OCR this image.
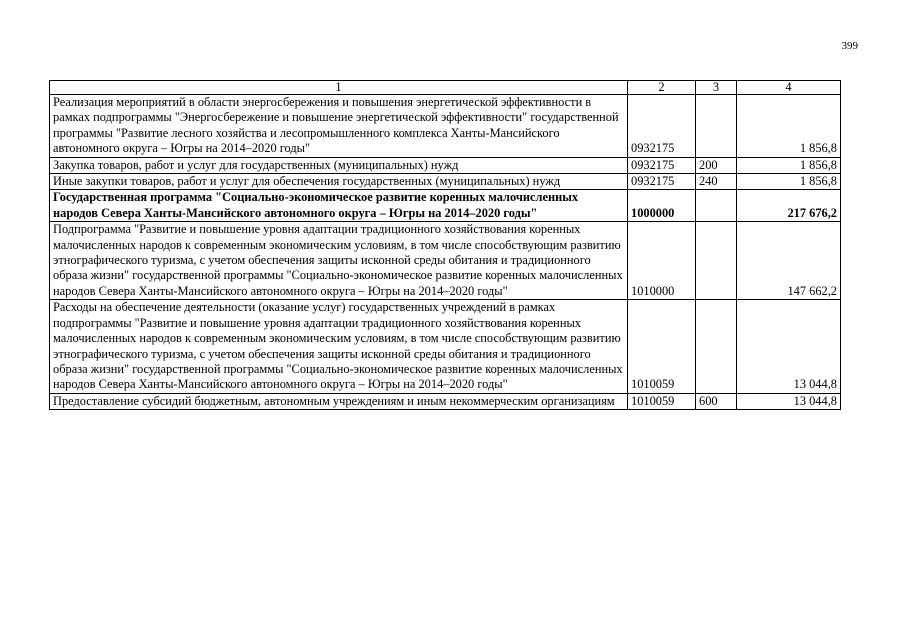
399
1	2	3	4
Реализация мероприятий в области энергосбережения и повышения энергетической эффективности в рамках подпрограммы "Энергосбережение и повышение энергетической эффективности" государственной программы "Развитие лесного хозяйства и лесопромышленного комплекса Ханты-Мансийского автономного округа – Югры на 2014–2020 годы"	0932175		1 856,8
Закупка товаров, работ и услуг для государственных (муниципальных) нужд	0932175	200	1 856,8
Иные закупки товаров, работ и услуг для обеспечения государственных (муниципальных) нужд	0932175	240	1 856,8
Государственная программа "Социально-экономическое развитие коренных малочисленных народов Севера Ханты-Мансийского автономного округа – Югры на 2014–2020 годы"	1000000		217 676,2
Подпрограмма "Развитие и повышение уровня адаптации традиционного хозяйствования коренных малочисленных народов к современным экономическим условиям, в том числе способствующим развитию этнографического туризма, с учетом обеспечения защиты исконной среды обитания и традиционного образа жизни" государственной программы "Социально-экономическое развитие коренных малочисленных народов Севера Ханты-Мансийского автономного округа – Югры на 2014–2020 годы"	1010000		147 662,2
Расходы на обеспечение деятельности (оказание услуг) государственных учреждений в рамках подпрограммы "Развитие и повышение уровня адаптации традиционного хозяйствования коренных малочисленных народов к современным экономическим условиям, в том числе способствующим развитию этнографического туризма, с учетом обеспечения защиты исконной среды обитания и традиционного образа жизни" государственной программы "Социально-экономическое развитие коренных малочисленных народов Севера Ханты-Мансийского автономного округа – Югры на 2014–2020 годы"	1010059		13 044,8
Предоставление субсидий бюджетным, автономным учреждениям и иным некоммерческим организациям	1010059	600	13 044,8
